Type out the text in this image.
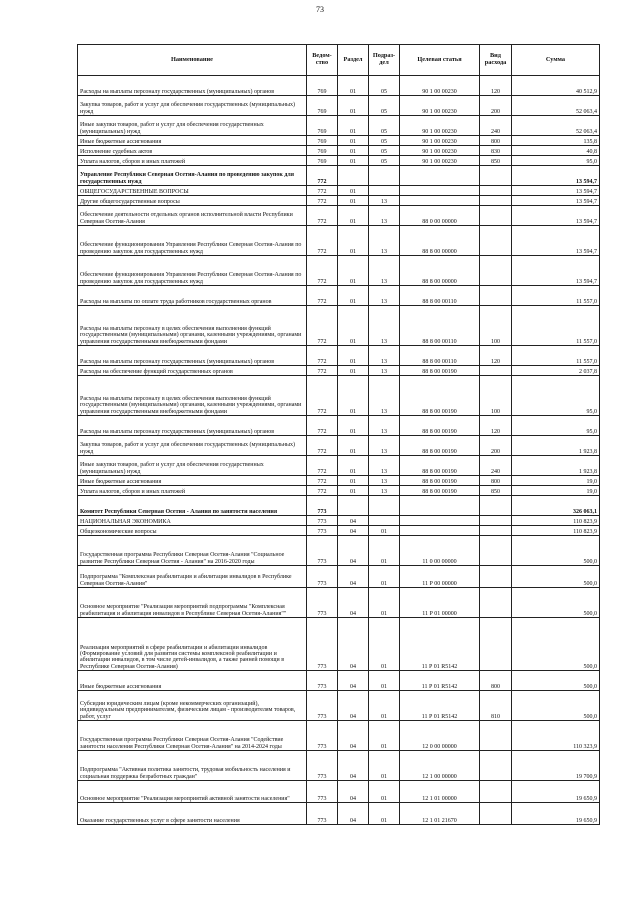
73
Наименование	Ведом-ство	Раздел	Подраз-дел	Целевая статья	Вид расхода	Сумма
Расходы на выплаты персоналу государственных (муниципальных) органов	769	01	05	90 1 00 00230	120	40 512,9
Закупка товаров, работ и услуг для обеспечения государственных (муниципальных) нужд	769	01	05	90 1 00 00230	200	52 063,4
Иные закупки товаров, работ и услуг для обеспечения государственных (муниципальных) нужд	769	01	05	90 1 00 00230	240	52 063,4
Иные бюджетные ассигнования	769	01	05	90 1 00 00230	800	135,8
Исполнение судебных актов	769	01	05	90 1 00 00230	830	40,8
Уплата налогов, сборов и иных платежей	769	01	05	90 1 00 00230	850	95,0
Управление Республики Северная Осетия-Алания по проведению закупок для государственных нужд	772					13 594,7
ОБЩЕГОСУДАРСТВЕННЫЕ ВОПРОСЫ	772	01				13 594,7
Другие общегосударственные вопросы	772	01	13			13 594,7
Обеспечение деятельности отдельных органов исполнительной власти Республики Северная Осетия-Алания	772	01	13	88 0 00 00000		13 594,7
Обеспечение функционирования Управления Республики Северная Осетия-Алания по проведению закупок для государственных нужд	772	01	13	88 8 00 00000		13 594,7
Обеспечение функционирования Управления Республики Северная Осетия-Алания по проведению закупок для государственных нужд	772	01	13	88 8 00 00000		13 594,7
Расходы на выплаты по оплате труда работников государственных органов	772	01	13	88 8 00 00110		11 557,0
Расходы на выплаты персоналу в целях обеспечения выполнения функций государственными (муниципальными) органами, казенными учреждениями, органами управления государственными внебюджетными фондами	772	01	13	88 8 00 00110	100	11 557,0
Расходы на выплаты персоналу государственных (муниципальных) органов	772	01	13	88 8 00 00110	120	11 557,0
Расходы на обеспечение функций государственных органов	772	01	13	88 8 00 00190		2 037,8
Расходы на выплаты персоналу в целях обеспечения выполнения функций государственными (муниципальными) органами, казенными учреждениями, органами управления государственными внебюджетными фондами	772	01	13	88 8 00 00190	100	95,0
Расходы на выплаты персоналу государственных (муниципальных) органов	772	01	13	88 8 00 00190	120	95,0
Закупка товаров, работ и услуг для обеспечения государственных (муниципальных) нужд	772	01	13	88 8 00 00190	200	1 923,8
Иные закупки товаров, работ и услуг для обеспечения государственных (муниципальных) нужд	772	01	13	88 8 00 00190	240	1 923,8
Иные бюджетные ассигнования	772	01	13	88 8 00 00190	800	19,0
Уплата налогов, сборов и иных платежей	772	01	13	88 8 00 00190	850	19,0
Комитет Республики Северная Осетия - Алания по занятости населения	773					326 063,1
НАЦИОНАЛЬНАЯ ЭКОНОМИКА	773	04				110 823,9
Общеэкономические вопросы	773	04	01			110 823,9
Государственная программа Республики Северная Осетия-Алания "Социальное развитие Республики Северная Осетия - Алания" на 2016-2020 годы	773	04	01	11 0 00 00000		500,0
Подпрограмма "Комплексная реабилитация и абилитация инвалидов в Республике Северная Осетия-Алания"	773	04	01	11 Р 00 00000		500,0
Основное мероприятие "Реализация мероприятий подпрограммы "Комплексная реабилитация и абилитация инвалидов в Республике Северная Осетия-Алания""	773	04	01	11 Р 01 00000		500,0
Реализация мероприятий в сфере реабилитации и абилитации инвалидов (Формирование условий для развития системы комплексной реабилитации и абилитации инвалидов, в том числе детей-инвалидов, а также ранней помощи в Республике Северная Осетия-Алания)	773	04	01	11 Р 01 R5142		500,0
Иные бюджетные ассигнования	773	04	01	11 Р 01 R5142	800	500,0
Субсидии юридическим лицам (кроме некоммерческих организаций), индивидуальным предпринимателям, физическим лицам - производителям товаров, работ, услуг	773	04	01	11 Р 01 R5142	810	500,0
Государственная программа Республики Северная Осетия-Алания "Содействие занятости населения Республики Северная Осетия-Алания" на 2014-2024 годы	773	04	01	12 0 00 00000		110 323,9
Подпрограмма "Активная политика занятости, трудовая мобильность населения и социальная поддержка безработных граждан"	773	04	01	12 1 00 00000		19 700,9
Основное мероприятие "Реализация мероприятий активной занятости населения"	773	04	01	12 1 01 00000		19 650,9
Оказание государственных услуг в сфере занятости населения	773	04	01	12 1 01 21670		19 650,9
